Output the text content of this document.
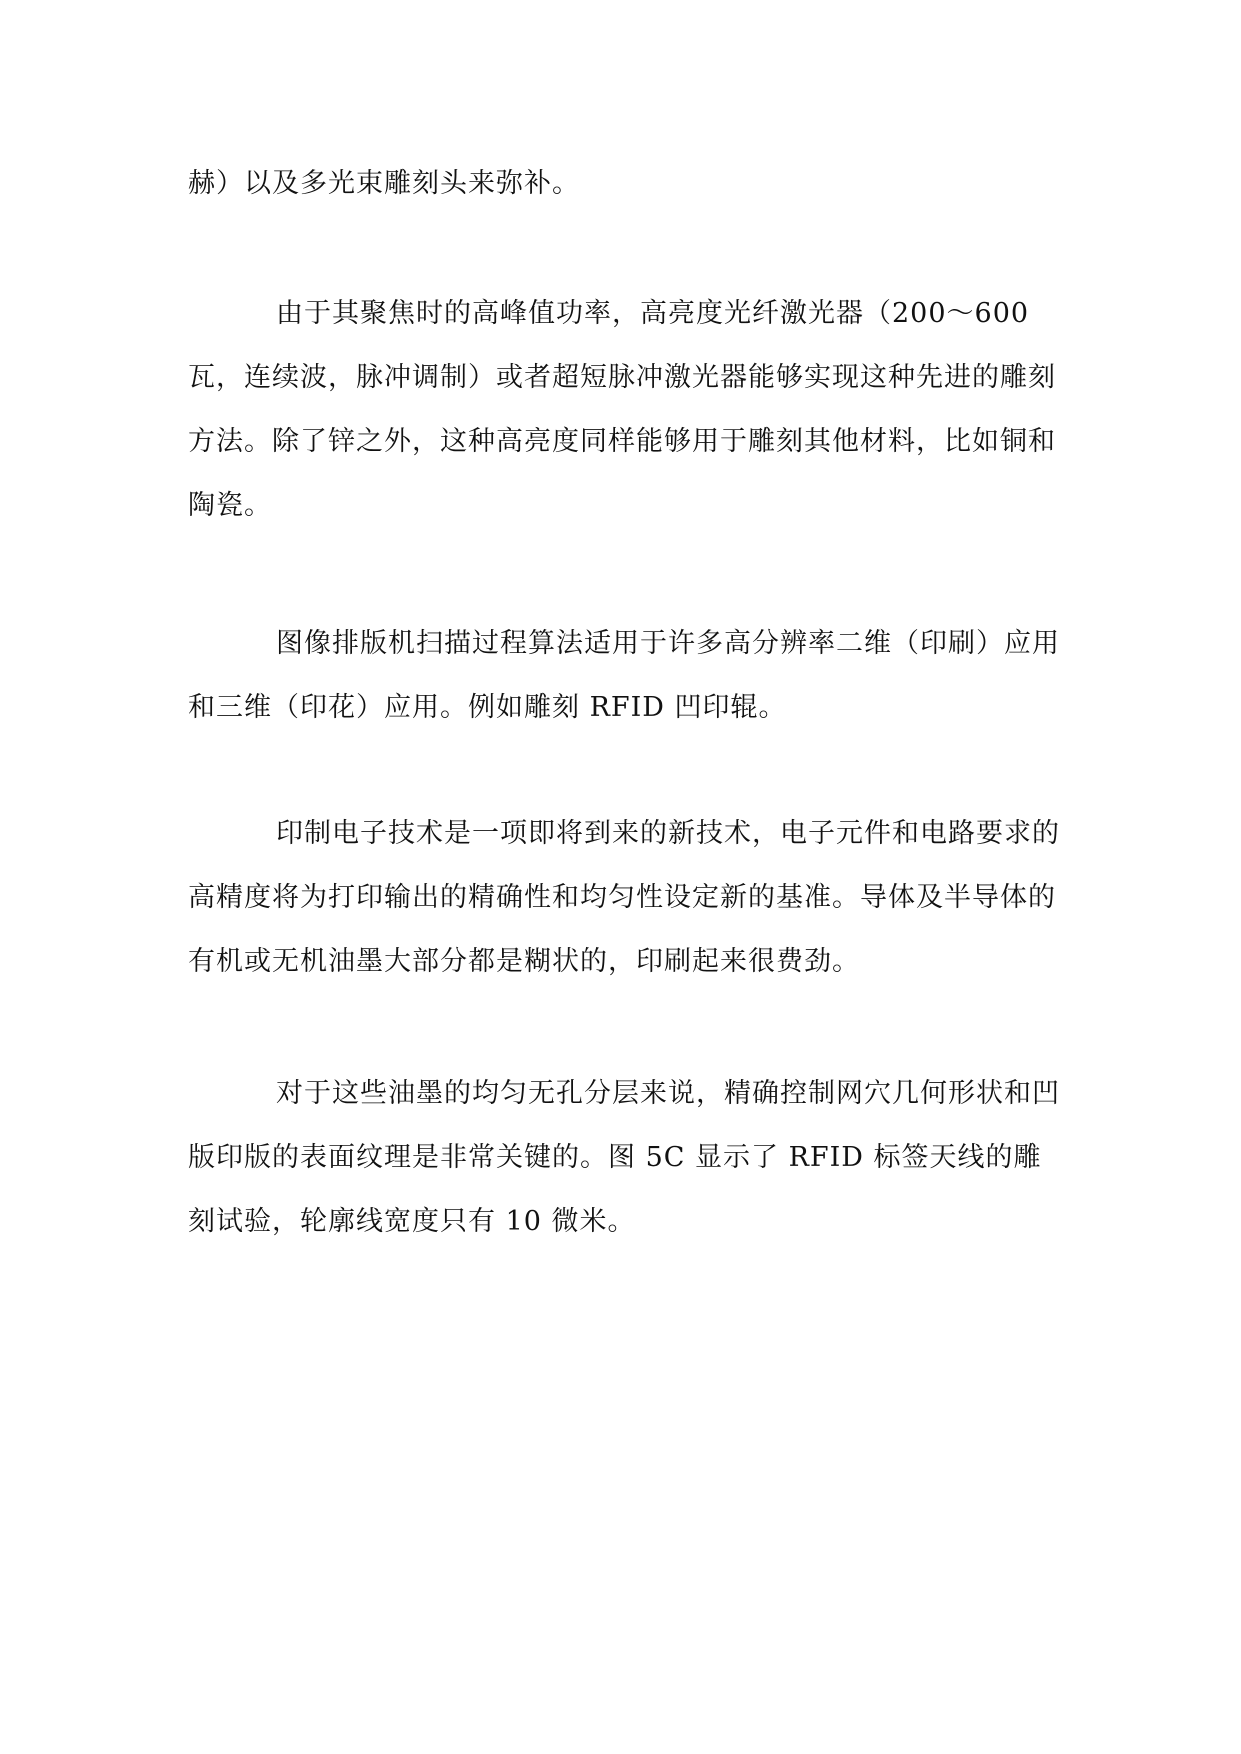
赫）以及多光束雕刻头来弥补。

由于其聚焦时的高峰值功率，高亮度光纤激光器（200～600瓦，连续波，脉冲调制）或者超短脉冲激光器能够实现这种先进的雕刻方法。除了锌之外，这种高亮度同样能够用于雕刻其他材料，比如铜和陶瓷。

图像排版机扫描过程算法适用于许多高分辨率二维（印刷）应用和三维（印花）应用。例如雕刻 RFID 凹印辊。

印制电子技术是一项即将到来的新技术，电子元件和电路要求的高精度将为打印输出的精确性和均匀性设定新的基准。导体及半导体的有机或无机油墨大部分都是糊状的，印刷起来很费劲。

对于这些油墨的均匀无孔分层来说，精确控制网穴几何形状和凹版印版的表面纹理是非常关键的。图 5C 显示了 RFID 标签天线的雕刻试验，轮廓线宽度只有 10 微米。
